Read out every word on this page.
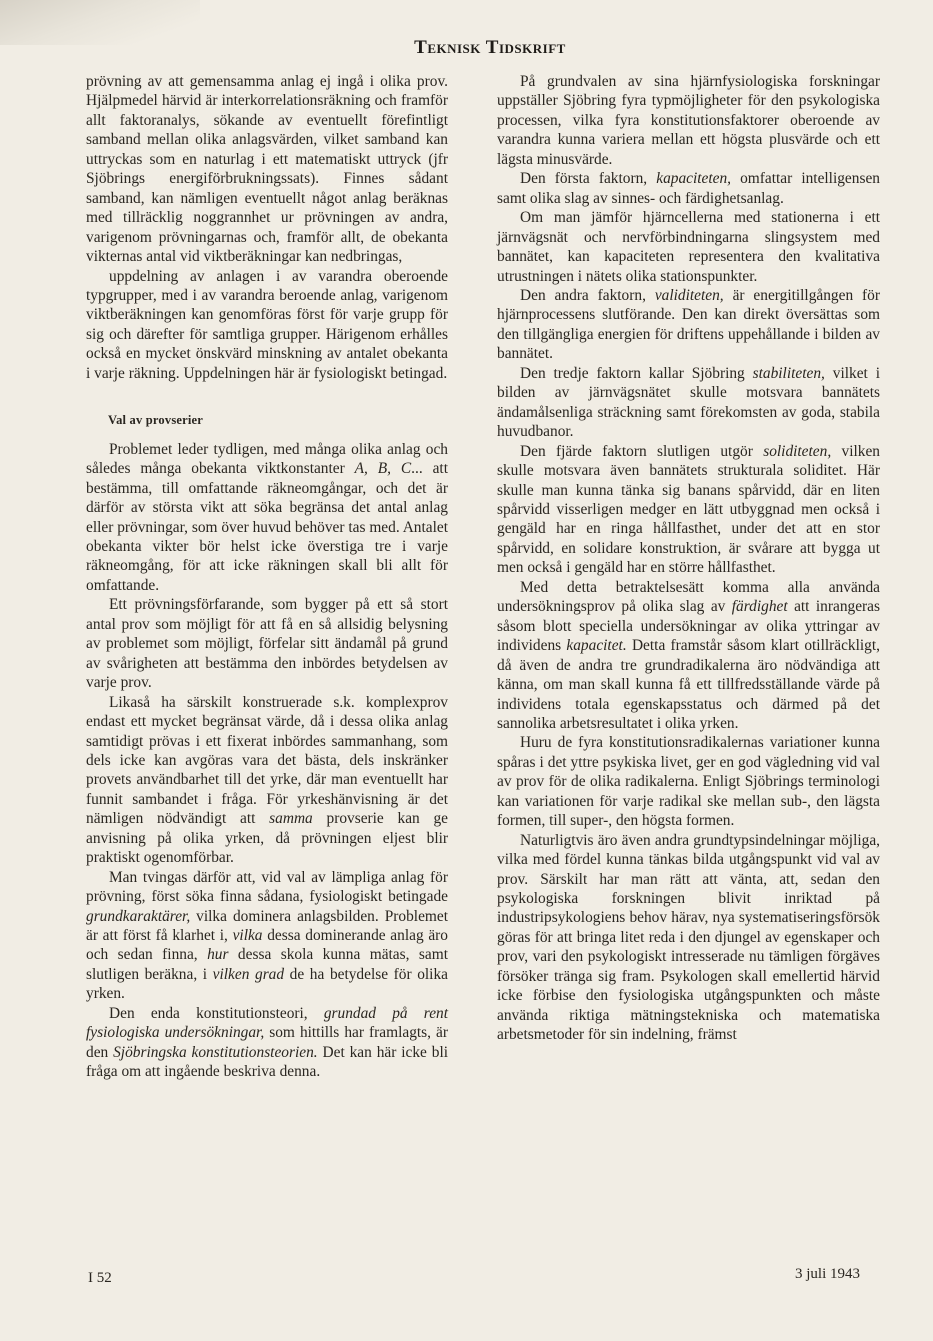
Teknisk Tidskrift

prövning av att gemensamma anlag ej ingå i olika prov. Hjälpmedel härvid är interkorrelationsräkning och framför allt faktoranalys, sökande av eventuellt förefintligt samband mellan olika anlagsvärden, vilket samband kan uttryckas som en naturlag i ett matematiskt uttryck (jfr Sjöbrings energiförbrukningssats). Finnes sådant samband, kan nämligen eventuellt något anlag beräknas med tillräcklig noggrannhet ur prövningen av andra, varigenom prövningarnas och, framför allt, de obekanta vikternas antal vid viktberäkningar kan nedbringas,

uppdelning av anlagen i av varandra oberoende typgrupper, med i av varandra beroende anlag, varigenom viktberäkningen kan genomföras först för varje grupp för sig och därefter för samtliga grupper. Härigenom erhålles också en mycket önskvärd minskning av antalet obekanta i varje räkning. Uppdelningen här är fysiologiskt betingad.

Val av provserier

Problemet leder tydligen, med många olika anlag och således många obekanta viktkonstanter A, B, C... att bestämma, till omfattande räkneomgångar, och det är därför av största vikt att söka begränsa det antal anlag eller prövningar, som över huvud behöver tas med. Antalet obekanta vikter bör helst icke överstiga tre i varje räkneomgång, för att icke räkningen skall bli allt för omfattande.

Ett prövningsförfarande, som bygger på ett så stort antal prov som möjligt för att få en så allsidig belysning av problemet som möjligt, förfelar sitt ändamål på grund av svårigheten att bestämma den inbördes betydelsen av varje prov.

Likaså ha särskilt konstruerade s.k. komplexprov endast ett mycket begränsat värde, då i dessa olika anlag samtidigt prövas i ett fixerat inbördes sammanhang, som dels icke kan avgöras vara det bästa, dels inskränker provets användbarhet till det yrke, där man eventuellt har funnit sambandet i fråga. För yrkeshänvisning är det nämligen nödvändigt att samma provserie kan ge anvisning på olika yrken, då prövningen eljest blir praktiskt ogenomförbar.

Man tvingas därför att, vid val av lämpliga anlag för prövning, först söka finna sådana, fysiologiskt betingade grundkaraktärer, vilka dominera anlagsbilden. Problemet är att först få klarhet i, vilka dessa dominerande anlag äro och sedan finna, hur dessa skola kunna mätas, samt slutligen beräkna, i vilken grad de ha betydelse för olika yrken.

Den enda konstitutionsteori, grundad på rent fysiologiska undersökningar, som hittills har framlagts, är den Sjöbringska konstitutionsteorien. Det kan här icke bli fråga om att ingående beskriva denna.

På grundvalen av sina hjärnfysiologiska forskningar uppställer Sjöbring fyra typmöjligheter för den psykologiska processen, vilka fyra konstitutionsfaktorer oberoende av varandra kunna variera mellan ett högsta plusvärde och ett lägsta minusvärde.

Den första faktorn, kapaciteten, omfattar intelligensen samt olika slag av sinnes- och färdighetsanlag.

Om man jämför hjärncellerna med stationerna i ett järnvägsnät och nervförbindningarna slingsystem med bannätet, kan kapaciteten representera den kvalitativa utrustningen i nätets olika stationspunkter.

Den andra faktorn, validiteten, är energitillgången för hjärnprocessens slutförande. Den kan direkt översättas som den tillgängliga energien för driftens uppehållande i bilden av bannätet.

Den tredje faktorn kallar Sjöbring stabiliteten, vilket i bilden av järnvägsnätet skulle motsvara bannätets ändamålsenliga sträckning samt förekomsten av goda, stabila huvudbanor.

Den fjärde faktorn slutligen utgör soliditeten, vilken skulle motsvara även bannätets strukturala soliditet. Här skulle man kunna tänka sig banans spårvidd, där en liten spårvidd visserligen medger en lätt utbyggnad men också i gengäld har en ringa hållfasthet, under det att en stor spårvidd, en solidare konstruktion, är svårare att bygga ut men också i gengäld har en större hållfasthet.

Med detta betraktelsesätt komma alla använda undersökningsprov på olika slag av färdighet att inrangeras såsom blott speciella undersökningar av olika yttringar av individens kapacitet. Detta framstår såsom klart otillräckligt, då även de andra tre grundradikalerna äro nödvändiga att känna, om man skall kunna få ett tillfredsställande värde på individens totala egenskapsstatus och därmed på det sannolika arbetsresultatet i olika yrken.

Huru de fyra konstitutionsradikalernas variationer kunna spåras i det yttre psykiska livet, ger en god vägledning vid val av prov för de olika radikalerna. Enligt Sjöbrings terminologi kan variationen för varje radikal ske mellan sub-, den lägsta formen, till super-, den högsta formen.

Naturligtvis äro även andra grundtypsindelningar möjliga, vilka med fördel kunna tänkas bilda utgångspunkt vid val av prov. Särskilt har man rätt att vänta, att, sedan den psykologiska forskningen blivit inriktad på industripsykologiens behov härav, nya systematiseringsförsök göras för att bringa litet reda i den djungel av egenskaper och prov, vari den psykologiskt intresserade nu tämligen förgäves försöker tränga sig fram. Psykologen skall emellertid härvid icke förbise den fysiologiska utgångspunkten och måste använda riktiga mätningstekniska och matematiska arbetsmetoder för sin indelning, främst

I 52	3 juli 1943
